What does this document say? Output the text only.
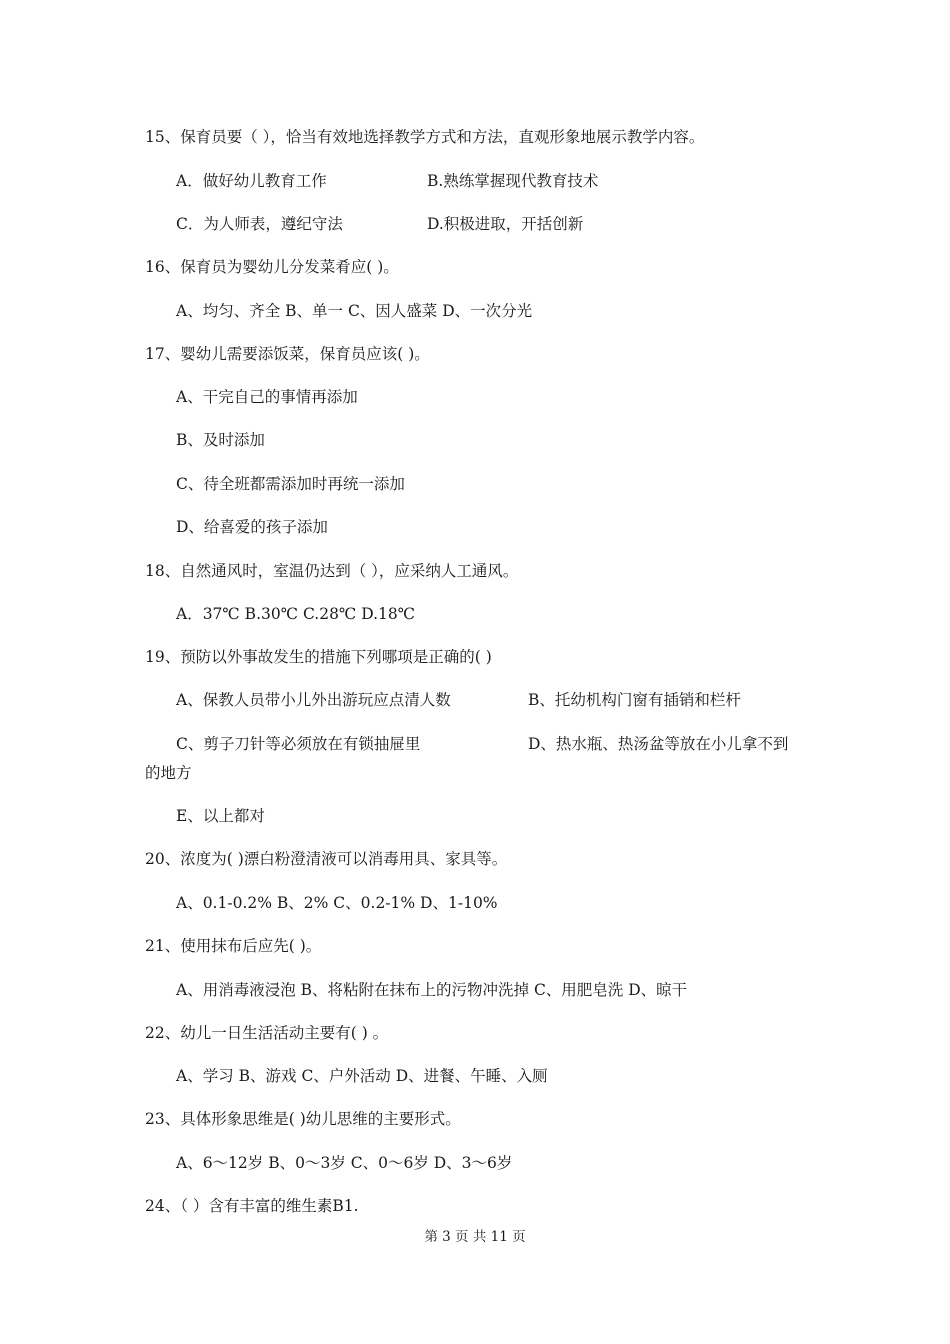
15、保育员要（ ），恰当有效地选择教学方式和方法，直观形象地展示教学内容。
A．做好幼儿教育工作	B.熟练掌握现代教育技术
C．为人师表，遵纪守法	D.积极进取，开括创新
16、保育员为婴幼儿分发菜肴应( )。
A、均匀、齐全 B、单一 C、因人盛菜 D、一次分光
17、婴幼儿需要添饭菜，保育员应该( )。
A、干完自己的事情再添加
B、及时添加
C、待全班都需添加时再统一添加
D、给喜爱的孩子添加
18、自然通风时，室温仍达到（ ），应采纳人工通风。
A．37℃ B.30℃ C.28℃ D.18℃
19、预防以外事故发生的措施下列哪项是正确的( )
A、保教人员带小儿外出游玩应点清人数	B、托幼机构门窗有插销和栏杆
C、剪子刀针等必须放在有锁抽屉里	D、热水瓶、热汤盆等放在小儿拿不到
的地方
E、以上都对
20、浓度为( )漂白粉澄清液可以消毒用具、家具等。
A、0.1-0.2% B、2% C、0.2-1% D、1-10%
21、使用抹布后应先( )。
A、用消毒液浸泡 B、将粘附在抹布上的污物冲洗掉 C、用肥皂洗 D、晾干
22、幼儿一日生活活动主要有( ) 。
A、学习 B、游戏 C、户外活动 D、进餐、午睡、入厕
23、具体形象思维是( )幼儿思维的主要形式。
A、6～12岁 B、0～3岁 C、0～6岁 D、3～6岁
24、（ ）含有丰富的维生素B1.
第 3 页 共 11 页
